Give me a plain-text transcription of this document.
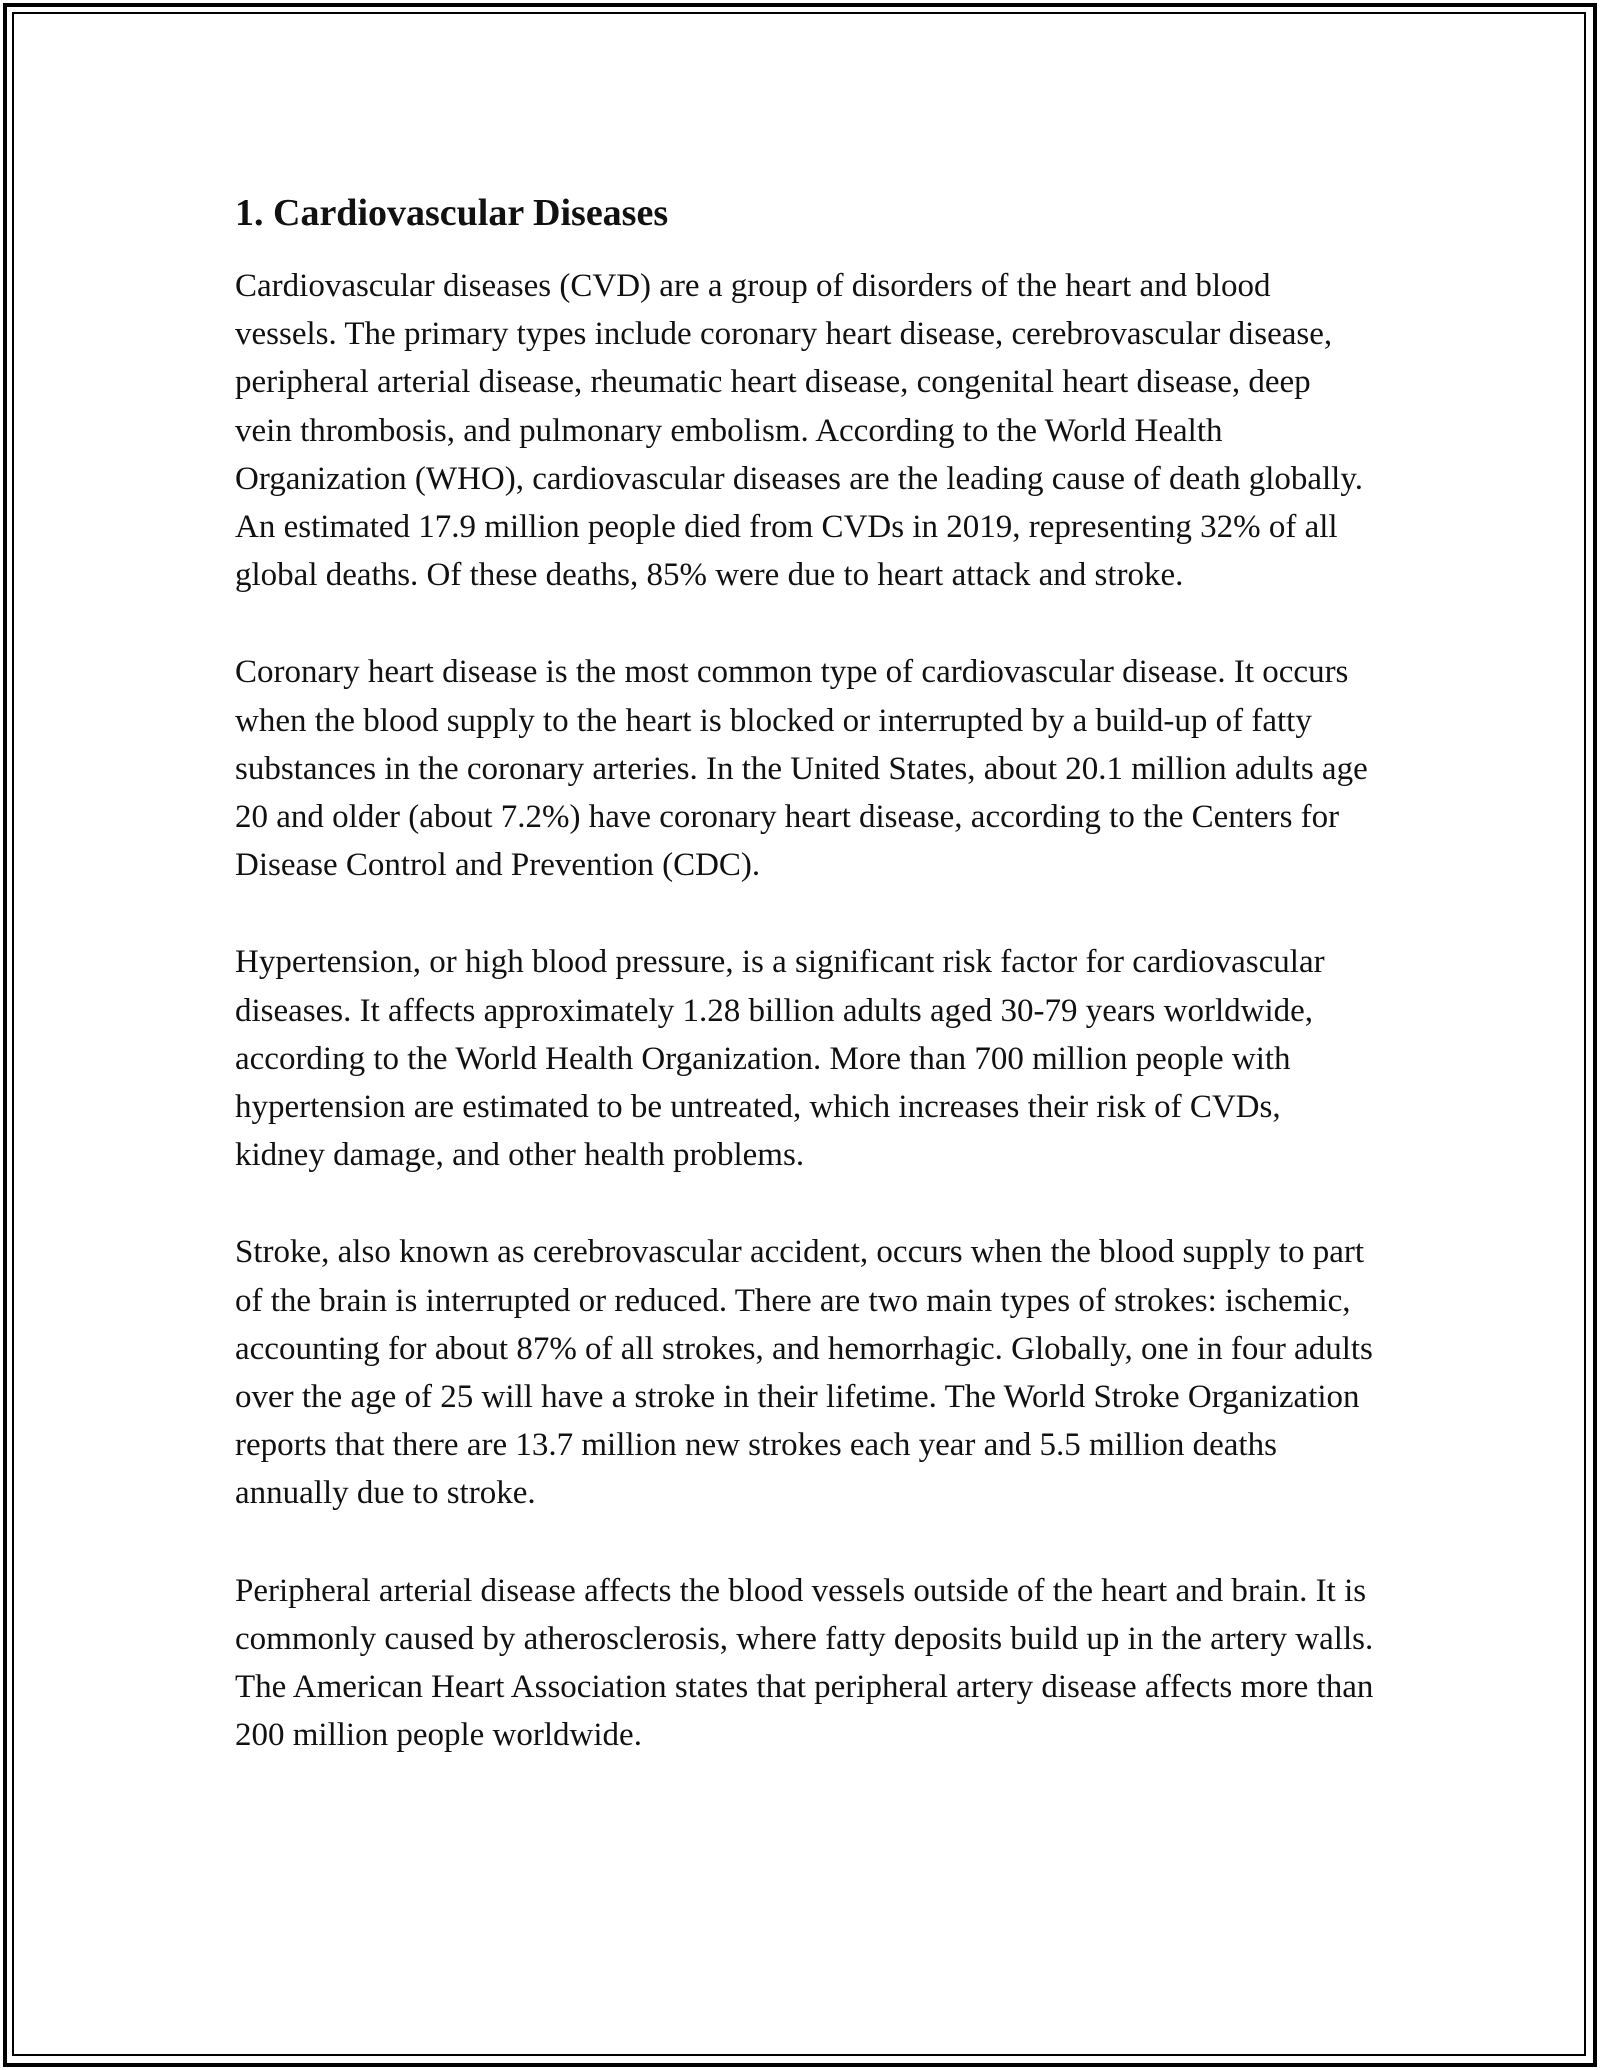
1. Cardiovascular Diseases

Cardiovascular diseases (CVD) are a group of disorders of the heart and blood vessels. The primary types include coronary heart disease, cerebrovascular disease, peripheral arterial disease, rheumatic heart disease, congenital heart disease, deep vein thrombosis, and pulmonary embolism. According to the World Health Organization (WHO), cardiovascular diseases are the leading cause of death globally. An estimated 17.9 million people died from CVDs in 2019, representing 32% of all global deaths. Of these deaths, 85% were due to heart attack and stroke.

Coronary heart disease is the most common type of cardiovascular disease. It occurs when the blood supply to the heart is blocked or interrupted by a build-up of fatty substances in the coronary arteries. In the United States, about 20.1 million adults age 20 and older (about 7.2%) have coronary heart disease, according to the Centers for Disease Control and Prevention (CDC).

Hypertension, or high blood pressure, is a significant risk factor for cardiovascular diseases. It affects approximately 1.28 billion adults aged 30-79 years worldwide, according to the World Health Organization. More than 700 million people with hypertension are estimated to be untreated, which increases their risk of CVDs, kidney damage, and other health problems.

Stroke, also known as cerebrovascular accident, occurs when the blood supply to part of the brain is interrupted or reduced. There are two main types of strokes: ischemic, accounting for about 87% of all strokes, and hemorrhagic. Globally, one in four adults over the age of 25 will have a stroke in their lifetime. The World Stroke Organization reports that there are 13.7 million new strokes each year and 5.5 million deaths annually due to stroke.

Peripheral arterial disease affects the blood vessels outside of the heart and brain. It is commonly caused by atherosclerosis, where fatty deposits build up in the artery walls. The American Heart Association states that peripheral artery disease affects more than 200 million people worldwide.
